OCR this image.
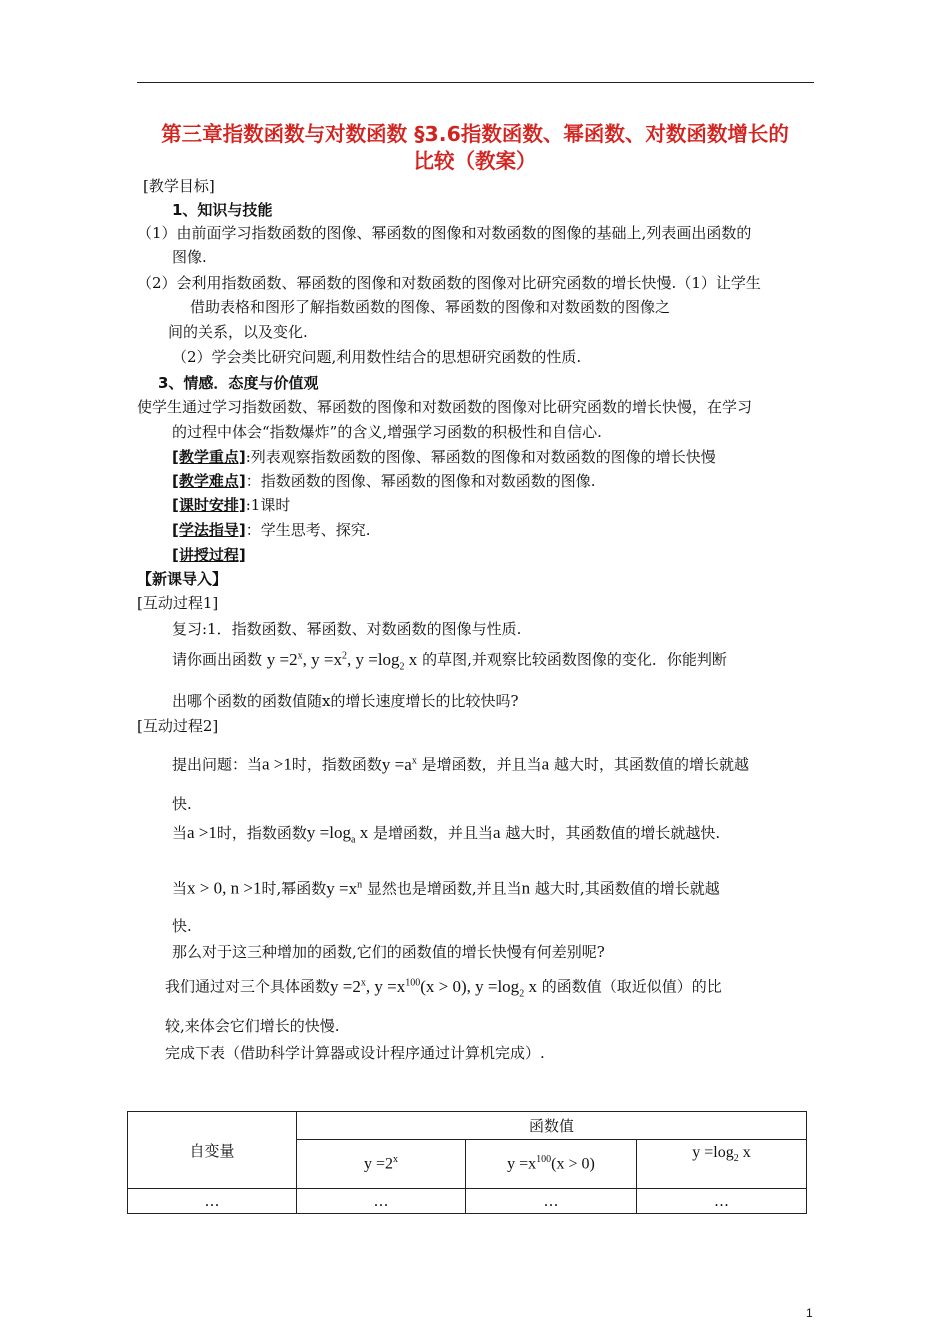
第三章指数函数与对数函数 §3.6指数函数、幂函数、对数函数增长的
比较（教案）
[教学目标]
1、知识与技能
（1）由前面学习指数函数的图像、幂函数的图像和对数函数的图像的基础上,列表画出函数的
图像.
（2）会利用指数函数、幂函数的图像和对数函数的图像对比研究函数的增长快慢.（1）让学生
借助表格和图形了解指数函数的图像、幂函数的图像和对数函数的图像之
间的关系，以及变化.
（2）学会类比研究问题,利用数性结合的思想研究函数的性质.
3、情感．态度与价值观
使学生通过学习指数函数、幂函数的图像和对数函数的图像对比研究函数的增长快慢，在学习
的过程中体会“指数爆炸”的含义,增强学习函数的积极性和自信心.
[教学重点]:列表观察指数函数的图像、幂函数的图像和对数函数的图像的增长快慢
[教学难点]：指数函数的图像、幂函数的图像和对数函数的图像.
[课时安排]:1课时
[学法指导]：学生思考、探究.
[讲授过程]
【新课导入】
[互动过程1]
复习:1．指数函数、幂函数、对数函数的图像与性质.
请你画出函数 $y =2^x$, $y =x^2$, $y =\log_2$ x 的草图,并观察比较函数图像的变化．你能判断
出哪个函数的函数值随x的增长速度增长的比较快吗?
[互动过程2]
提出问题：当a >1时，指数函数$y =a^x$ 是增函数，并且当a 越大时，其函数值的增长就越
快.
当a >1时，指数函数$y =\log_a$ x 是增函数，并且当a 越大时，其函数值的增长就越快.
当x > 0, n >1时,幂函数$y =x^n$ 显然也是增函数,并且当n 越大时,其函数值的增长就越
快.
那么对于这三种增加的函数,它们的函数值的增长快慢有何差别呢?
我们通过对三个具体函数$y =2^x$, $y =x^{100}(x > 0)$, $y =\log_2$ x 的函数值（取近似值）的比
较,来体会它们增长的快慢.
完成下表（借助科学计算器或设计程序通过计算机完成）.
自变量	函数值		
	$y =2^x$	$y =x^{100}(x > 0)$	$y =\log_2$ x
…	…	…	…
1
